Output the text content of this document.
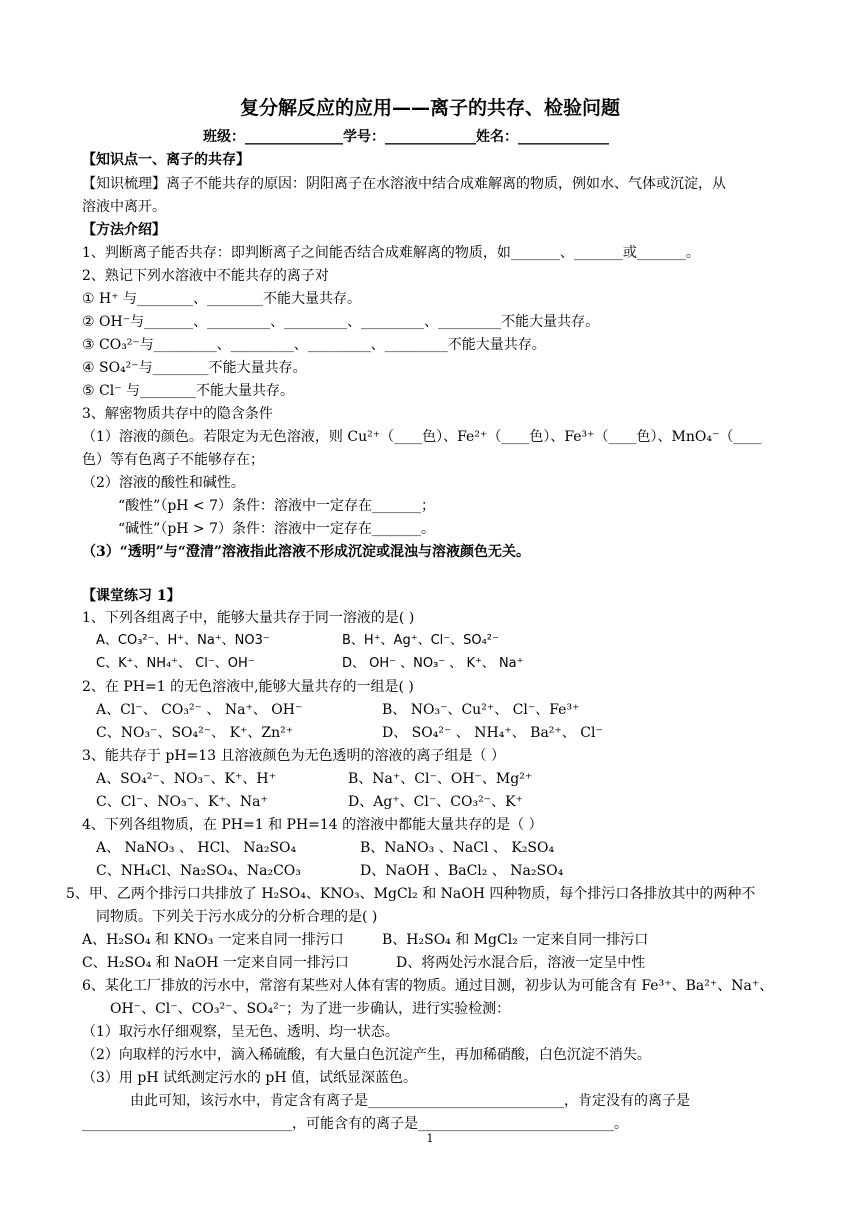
复分解反应的应用——离子的共存、检验问题
班级：______________学号：_____________姓名：_____________
【知识点一、离子的共存】
【知识梳理】离子不能共存的原因：阴阳离子在水溶液中结合成难解离的物质，例如水、气体或沉淀，从
溶液中离开。
【方法介绍】
1、判断离子能否共存：即判断离子之间能否结合成难解离的物质，如_______、_______或_______。
2、熟记下列水溶液中不能共存的离子对
① H⁺ 与________、________不能大量共存。
② OH⁻与_______、_________、_________、_________、_________不能大量共存。
③ CO₃²⁻与_________、_________、_________、_________不能大量共存。
④ SO₄²⁻与________不能大量共存。
⑤ Cl⁻ 与________不能大量共存。
3、解密物质共存中的隐含条件
（1）溶液的颜色。若限定为无色溶液，则 Cu²⁺（____色）、Fe²⁺（____色）、Fe³⁺（____色）、MnO₄⁻（____
色）等有色离子不能够存在；
（2）溶液的酸性和碱性。
“酸性”（pH < 7）条件：溶液中一定存在_______；
“碱性”（pH > 7）条件：溶液中一定存在_______。
（3）“透明”与“澄清”溶液指此溶液不形成沉淀或混浊与溶液颜色无关。
【课堂练习 1】
1、下列各组离子中，能够大量共存于同一溶液的是( )
A、CO₃²⁻、H⁺、Na⁺、NO3⁻	B、H⁺、Ag⁺、Cl⁻、SO₄²⁻
C、K⁺、NH₄⁺、 Cl⁻、OH⁻	D、 OH⁻ 、NO₃⁻ 、 K⁺、 Na⁺
2、在 PH=1 的无色溶液中,能够大量共存的一组是( )
A、Cl⁻、 CO₃²⁻ 、 Na⁺、 OH⁻	B、 NO₃⁻、Cu²⁺、 Cl⁻、Fe³⁺
C、NO₃⁻、SO₄²⁻、 K⁺、Zn²⁺	D、 SO₄²⁻ 、 NH₄⁺、 Ba²⁺、 Cl⁻
3、能共存于 pH=13 且溶液颜色为无色透明的溶液的离子组是（ ）
A、SO₄²⁻、NO₃⁻、K⁺、H⁺	B、Na⁺、Cl⁻、OH⁻、Mg²⁺
C、Cl⁻、NO₃⁻、K⁺、Na⁺	D、Ag⁺、Cl⁻、CO₃²⁻、K⁺
4、下列各组物质，在 PH=1 和 PH=14 的溶液中都能大量共存的是（ ）
A、 NaNO₃ 、 HCl、 Na₂SO₄	B、NaNO₃ 、NaCl 、 K₂SO₄
C、NH₄Cl、Na₂SO₄、Na₂CO₃	D、NaOH 、BaCl₂ 、 Na₂SO₄
5、甲、乙两个排污口共排放了 H₂SO₄、KNO₃、MgCl₂ 和 NaOH 四种物质，每个排污口各排放其中的两种不
同物质。下列关于污水成分的分析合理的是( )
A、H₂SO₄ 和 KNO₃ 一定来自同一排污口	B、H₂SO₄ 和 MgCl₂ 一定来自同一排污口
C、H₂SO₄ 和 NaOH 一定来自同一排污口	D、将两处污水混合后，溶液一定呈中性
6、某化工厂排放的污水中，常溶有某些对人体有害的物质。通过目测，初步认为可能含有 Fe³⁺、Ba²⁺、Na⁺、
OH⁻、Cl⁻、CO₃²⁻、SO₄²⁻；为了进一步确认，进行实验检测：
（1）取污水仔细观察，呈无色、透明、均一状态。
（2）向取样的污水中，滴入稀硫酸，有大量白色沉淀产生，再加稀硝酸，白色沉淀不消失。
（3）用 pH 试纸测定污水的 pH 值，试纸显深蓝色。
由此可知，该污水中，肯定含有离子是____________________________，肯定没有的离子是
______________________________，可能含有的离子是____________________________。
1
